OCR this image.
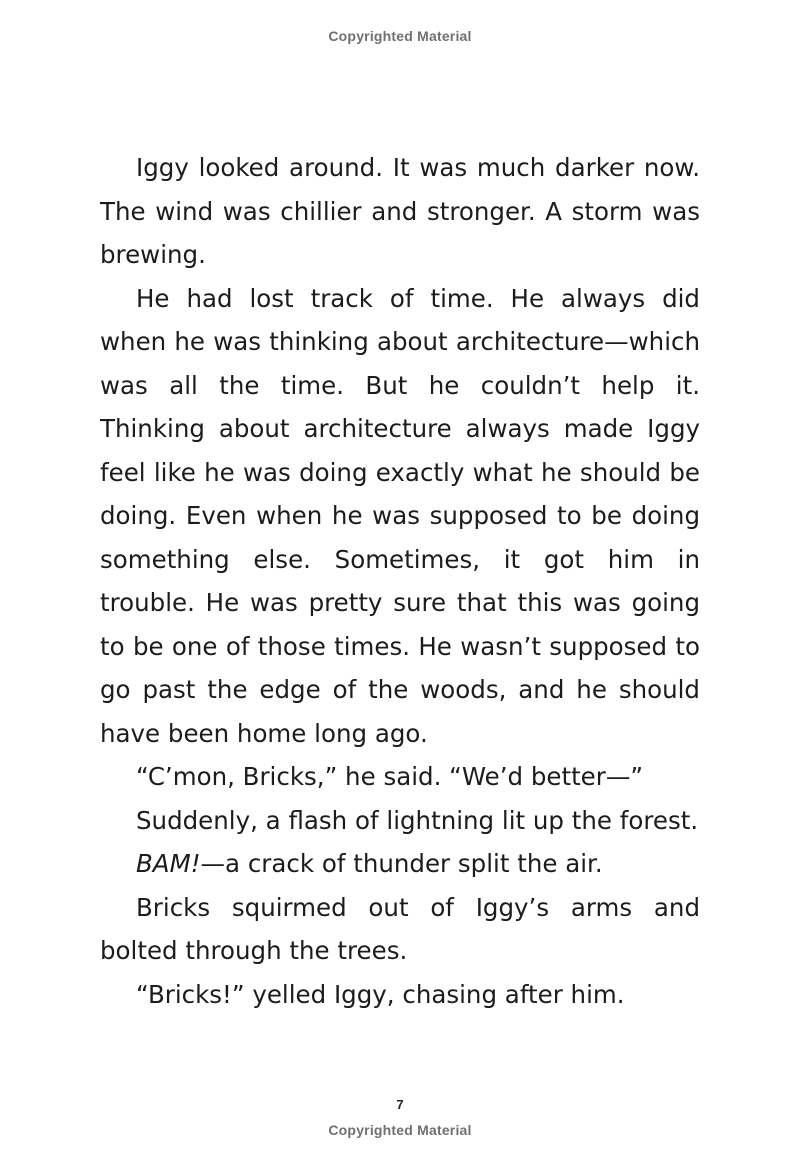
Copyrighted Material

Iggy looked around. It was much darker now. The wind was chillier and stronger. A storm was brewing.

He had lost track of time. He always did when he was thinking about architecture—which was all the time. But he couldn’t help it. Thinking about architecture always made Iggy feel like he was doing exactly what he should be doing. Even when he was supposed to be doing something else. Sometimes, it got him in trouble. He was pretty sure that this was going to be one of those times. He wasn’t supposed to go past the edge of the woods, and he should have been home long ago.

“C’mon, Bricks,” he said. “We’d better—”

Suddenly, a flash of lightning lit up the forest.

BAM!—a crack of thunder split the air.

Bricks squirmed out of Iggy’s arms and bolted through the trees.

“Bricks!” yelled Iggy, chasing after him.

7
Copyrighted Material
